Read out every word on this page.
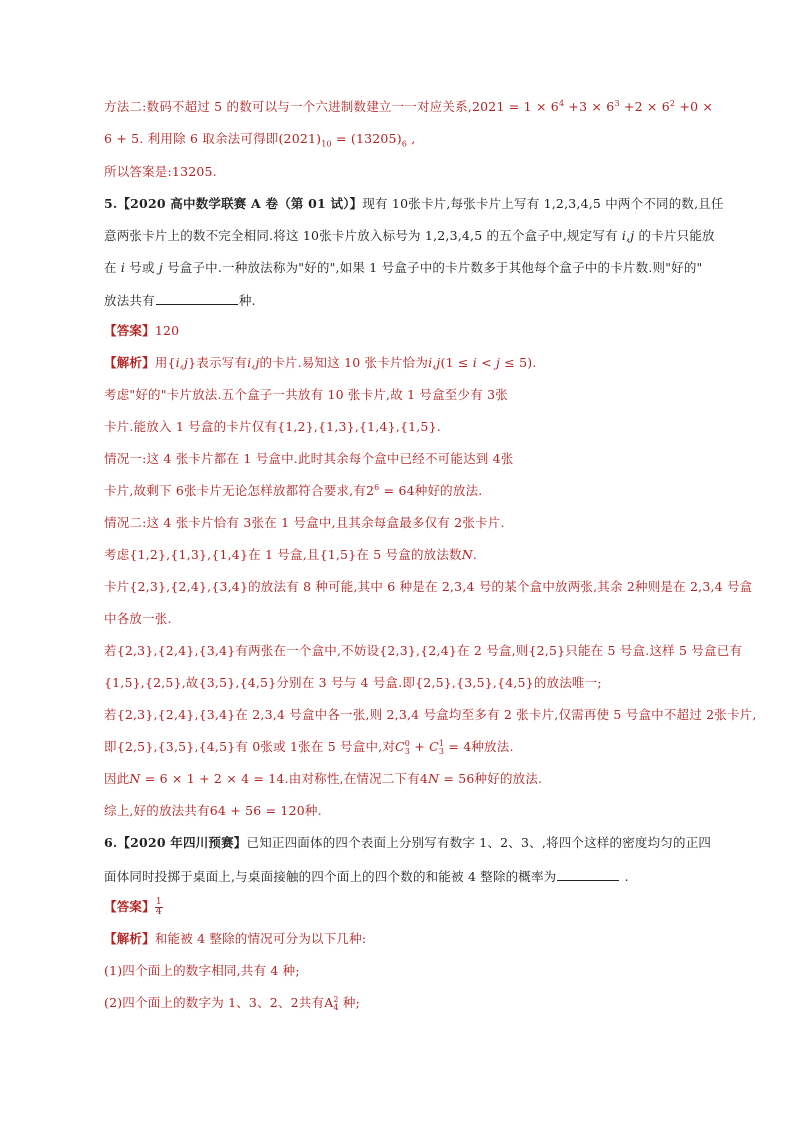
方法二:数码不超过 5 的数可以与一个六进制数建立一一对应关系$,2021 = 1 \times 6^4 +3 \times 6^3 +2 \times 6^2 +0$ ×
6 + 5. 利用除 6 取余法可得即$(2021)_{10} = (13205)_6$ ,
所以答案是:13205.
5.【2020 高中数学联赛 A 卷（第 01 试）】现有 10张卡片,每张卡片上写有 1,2,3,4,5 中两个不同的数,且任
意两张卡片上的数不完全相同.将这 10张卡片放入标号为 1,2,3,4,5 的五个盒子中,规定写有 i,j 的卡片只能放
在 i 号或 j 号盒子中.一种放法称为"好的",如果 1 号盒子中的卡片数多于其他每个盒子中的卡片数.则"好的"
放法共有	种.
【答案】120
【解析】用{i,j}表示写有i,j的卡片.易知这 10 张卡片恰为i,j(1 ≤ i < j ≤ 5).
考虑"好的"卡片放法.五个盒子一共放有 10 张卡片,故 1 号盒至少有 3张
卡片.能放入 1 号盒的卡片仅有{1,2},{1,3},{1,4},{1,5}.
情况一:这 4 张卡片都在 1 号盒中.此时其余每个盒中已经不可能达到 4张
卡片,故剩下 6张卡片无论怎样放都符合要求,有$2^6 = 64$种好的放法.
情况二:这 4 张卡片恰有 3张在 1 号盒中,且其余每盒最多仅有 2张卡片.
考虑{1,2},{1,3},{1,4}在 1 号盒,且{1,5}在 5 号盒的放法数N.
卡片{2,3},{2,4},{3,4}的放法有 8 种可能,其中 6 种是在 2,3,4 号的某个盒中放两张,其余 2种则是在 2,3,4 号盒
中各放一张.
若{2,3},{2,4},{3,4}有两张在一个盒中,不妨设{2,3},{2,4}在 2 号盒,则{2,5}只能在 5 号盒.这样 5 号盒已有
{1,5},{2,5},故{3,5},{4,5}分别在 3 号与 4 号盒.即{2,5},{3,5},{4,5}的放法唯一;
若{2,3},{2,4},{3,4}在 2,3,4 号盒中各一张,则 2,3,4 号盒均至多有 2 张卡片,仅需再使 5 号盒中不超过 2张卡片,
即{2,5},{3,5},{4,5}有 0张或 1张在 5 号盒中,对C 0
3 + C 1
3 = 4种放法.
因此N = 6 × 1 + 2 × 4 = 14.由对称性,在情况二下有4N = 56种好的放法.
综上,好的放法共有64 + 56 = 120种.
6.【2020 年四川预赛】已知正四面体的四个表面上分别写有数字 1、2、3、,将四个这样的密度均匀的正四
面体同时投掷于桌面上,与桌面接触的四个面上的四个数的和能被 4 整除的概率为	.
【答案】 $\frac{1}{4}$
【解析】和能被 4 整除的情况可分为以下几种:
(1)四个面上的数字相同,共有 4 种;
(2)四个面上的数字为 1、3、2、2共有A 2
4 种;
